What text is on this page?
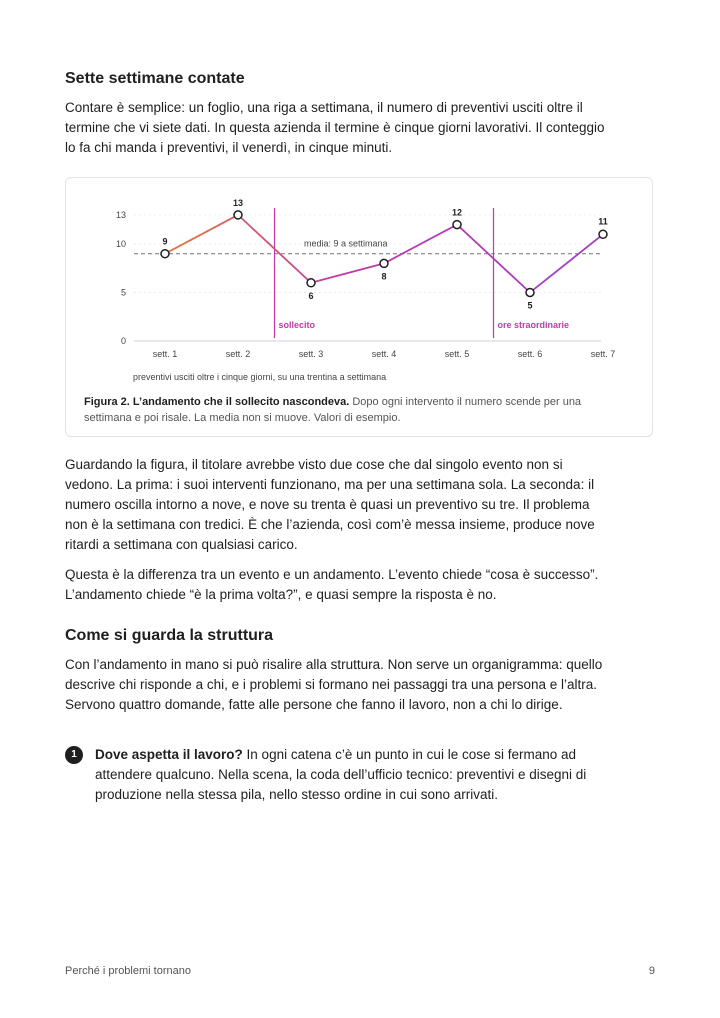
Sette settimane contate

Contare è semplice: un foglio, una riga a settimana, il numero di preventivi usciti oltre il termine che vi siete dati. In questa azienda il termine è cinque giorni lavorativi. Il conteggio lo fa chi manda i preventivi, il venerdì, in cinque minuti.

0
5
10
13
sett. 1	sett. 2	sett. 3	sett. 4	sett. 5	sett. 6	sett. 7
preventivi usciti oltre i cinque giorni, su una trentina a settimana
media: 9 a settimana
sollecito	ore straordinarie
9
13
6
8
12
5
11

Figura 2. L’andamento che il sollecito nascondeva. Dopo ogni intervento il numero scende per una settimana e poi risale. La media non si muove. Valori di esempio.

Guardando la figura, il titolare avrebbe visto due cose che dal singolo evento non si vedono. La prima: i suoi interventi funzionano, ma per una settimana sola. La seconda: il numero oscilla intorno a nove, e nove su trenta è quasi un preventivo su tre. Il problema non è la settimana con tredici. È che l’azienda, così com’è messa insieme, produce nove ritardi a settimana con qualsiasi carico.

Questa è la differenza tra un evento e un andamento. L’evento chiede “cosa è successo”. L’andamento chiede “è la prima volta?”, e quasi sempre la risposta è no.

Come si guarda la struttura

Con l’andamento in mano si può risalire alla struttura. Non serve un organigramma: quello descrive chi risponde a chi, e i problemi si formano nei passaggi tra una persona e l’altra. Servono quattro domande, fatte alle persone che fanno il lavoro, non a chi lo dirige.

1	Dove aspetta il lavoro? In ogni catena c’è un punto in cui le cose si fermano ad attendere qualcuno. Nella scena, la coda dell’ufficio tecnico: preventivi e disegni di produzione nella stessa pila, nello stesso ordine in cui sono arrivati.

Perché i problemi tornano	9
